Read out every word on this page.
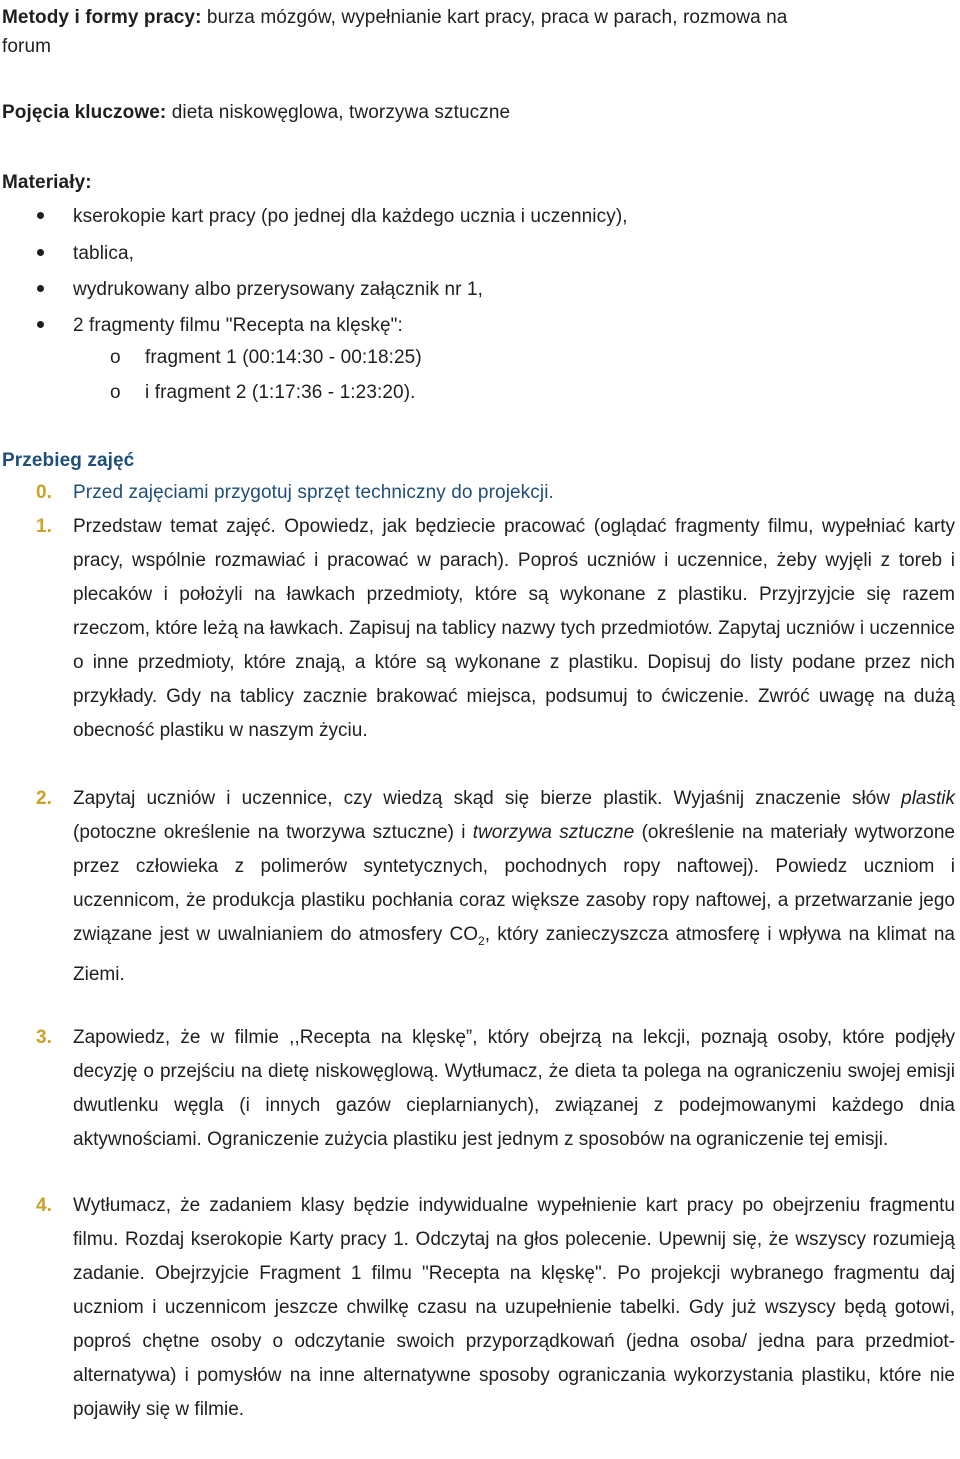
Metody i formy pracy: burza mózgów, wypełnianie kart pracy, praca w parach, rozmowa na
forum
Pojęcia kluczowe: dieta niskowęglowa, tworzywa sztuczne
Materiały:
kserokopie kart pracy (po jednej dla każdego ucznia i uczennicy),
tablica,
wydrukowany albo przerysowany załącznik nr 1,
2 fragmenty filmu "Recepta na klęskę":
o fragment 1 (00:14:30 - 00:18:25)
o i fragment 2 (1:17:36 - 1:23:20).
Przebieg zajęć
0. Przed zajęciami przygotuj sprzęt techniczny do projekcji.
1. Przedstaw temat zajęć. Opowiedz, jak będziecie pracować (oglądać fragmenty filmu, wypełniać karty pracy, wspólnie rozmawiać i pracować w parach). Poproś uczniów i uczennice, żeby wyjęli z toreb i plecaków i położyli na ławkach przedmioty, które są wykonane z plastiku. Przyjrzyjcie się razem rzeczom, które leżą na ławkach. Zapisuj na tablicy nazwy tych przedmiotów. Zapytaj uczniów i uczennice o inne przedmioty, które znają, a które są wykonane z plastiku. Dopisuj do listy podane przez nich przykłady. Gdy na tablicy zacznie brakować miejsca, podsumuj to ćwiczenie. Zwróć uwagę na dużą obecność plastiku w naszym życiu.

2. Zapytaj uczniów i uczennice, czy wiedzą skąd się bierze plastik. Wyjaśnij znaczenie słów plastik (potoczne określenie na tworzywa sztuczne) i tworzywa sztuczne (określenie na materiały wytworzone przez człowieka z polimerów syntetycznych, pochodnych ropy naftowej). Powiedz uczniom i uczennicom, że produkcja plastiku pochłania coraz większe zasoby ropy naftowej, a przetwarzanie jego związane jest w uwalnianiem do atmosfery $CO_2$, który zanieczyszcza atmosferę i wpływa na klimat na Ziemi.

3. Zapowiedz, że w filmie ,,Recepta na klęskę”, który obejrzą na lekcji, poznają osoby, które podjęły decyzję o przejściu na dietę niskowęglową. Wytłumacz, że dieta ta polega na ograniczeniu swojej emisji dwutlenku węgla (i innych gazów cieplarnianych), związanej z podejmowanymi każdego dnia aktywnościami. Ograniczenie zużycia plastiku jest jednym z sposobów na ograniczenie tej emisji.

4. Wytłumacz, że zadaniem klasy będzie indywidualne wypełnienie kart pracy po obejrzeniu fragmentu filmu. Rozdaj kserokopie Karty pracy 1. Odczytaj na głos polecenie. Upewnij się, że wszyscy rozumieją zadanie. Obejrzyjcie Fragment 1 filmu "Recepta na klęskę". Po projekcji wybranego fragmentu daj uczniom i uczennicom jeszcze chwilkę czasu na uzupełnienie tabelki. Gdy już wszyscy będą gotowi, poproś chętne osoby o odczytanie swoich przyporządkowań (jedna osoba/ jedna para przedmiot-alternatywa) i pomysłów na inne alternatywne sposoby ograniczania wykorzystania plastiku, które nie pojawiły się w filmie.
